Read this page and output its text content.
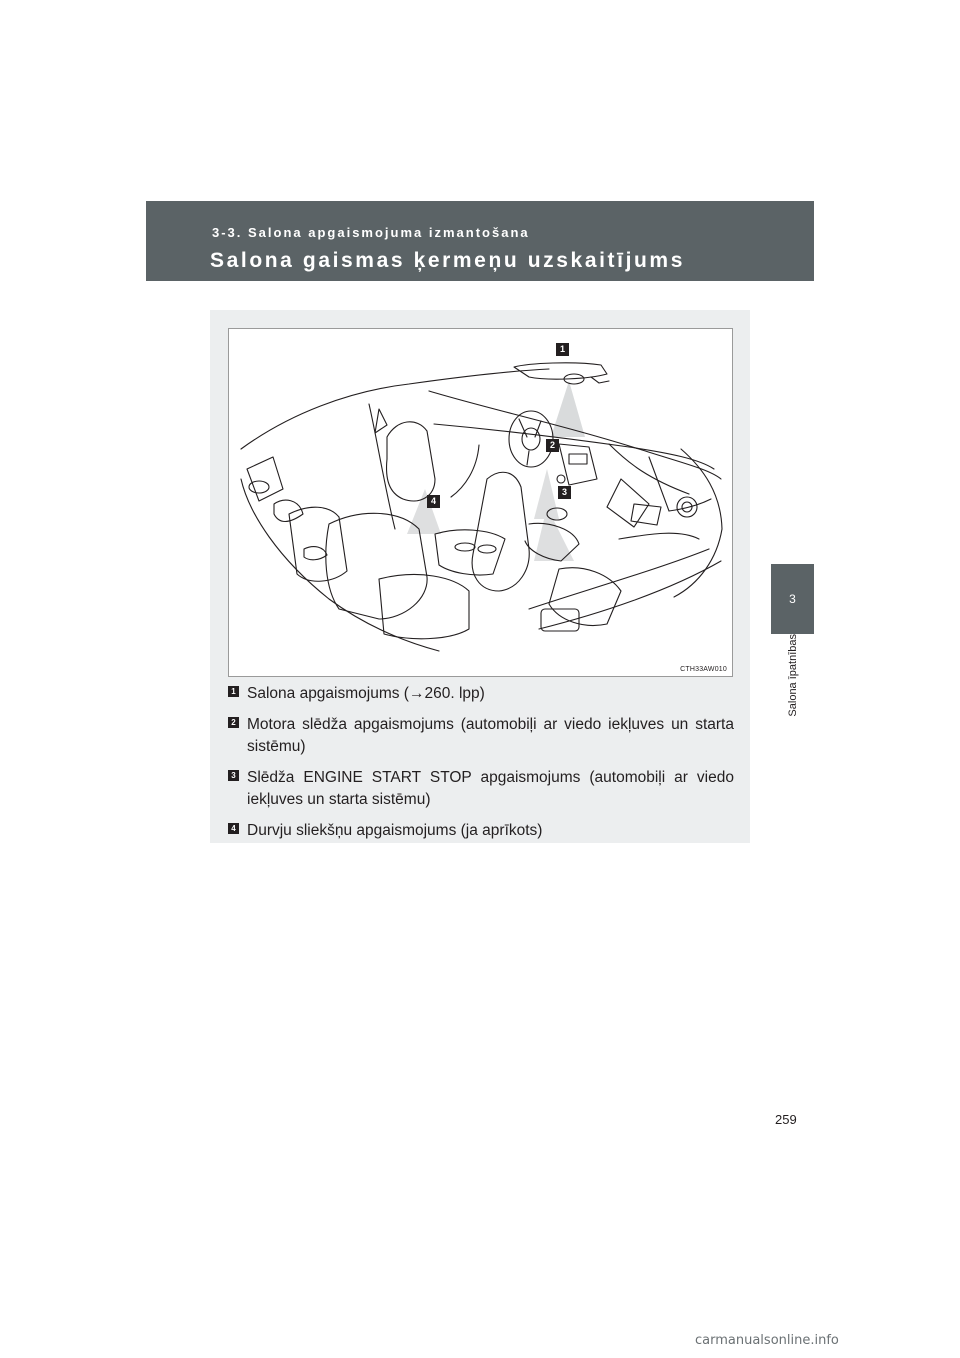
3-3. Salona apgaismojuma izmantošana
Salona gaismas ķermeņu uzskaitījums
3
Salona īpatnības
1
2
3
4
CTH33AW010
1 Salona apgaismojums (→260. lpp)
2 Motora slēdža apgaismojums (automobiļi ar viedo iekļuves un starta sistēmu)
3 Slēdža ENGINE START STOP apgaismojums (automobiļi ar viedo iekļuves un starta sistēmu)
4 Durvju sliekšņu apgaismojums (ja aprīkots)
259
carmanualsonline.info
